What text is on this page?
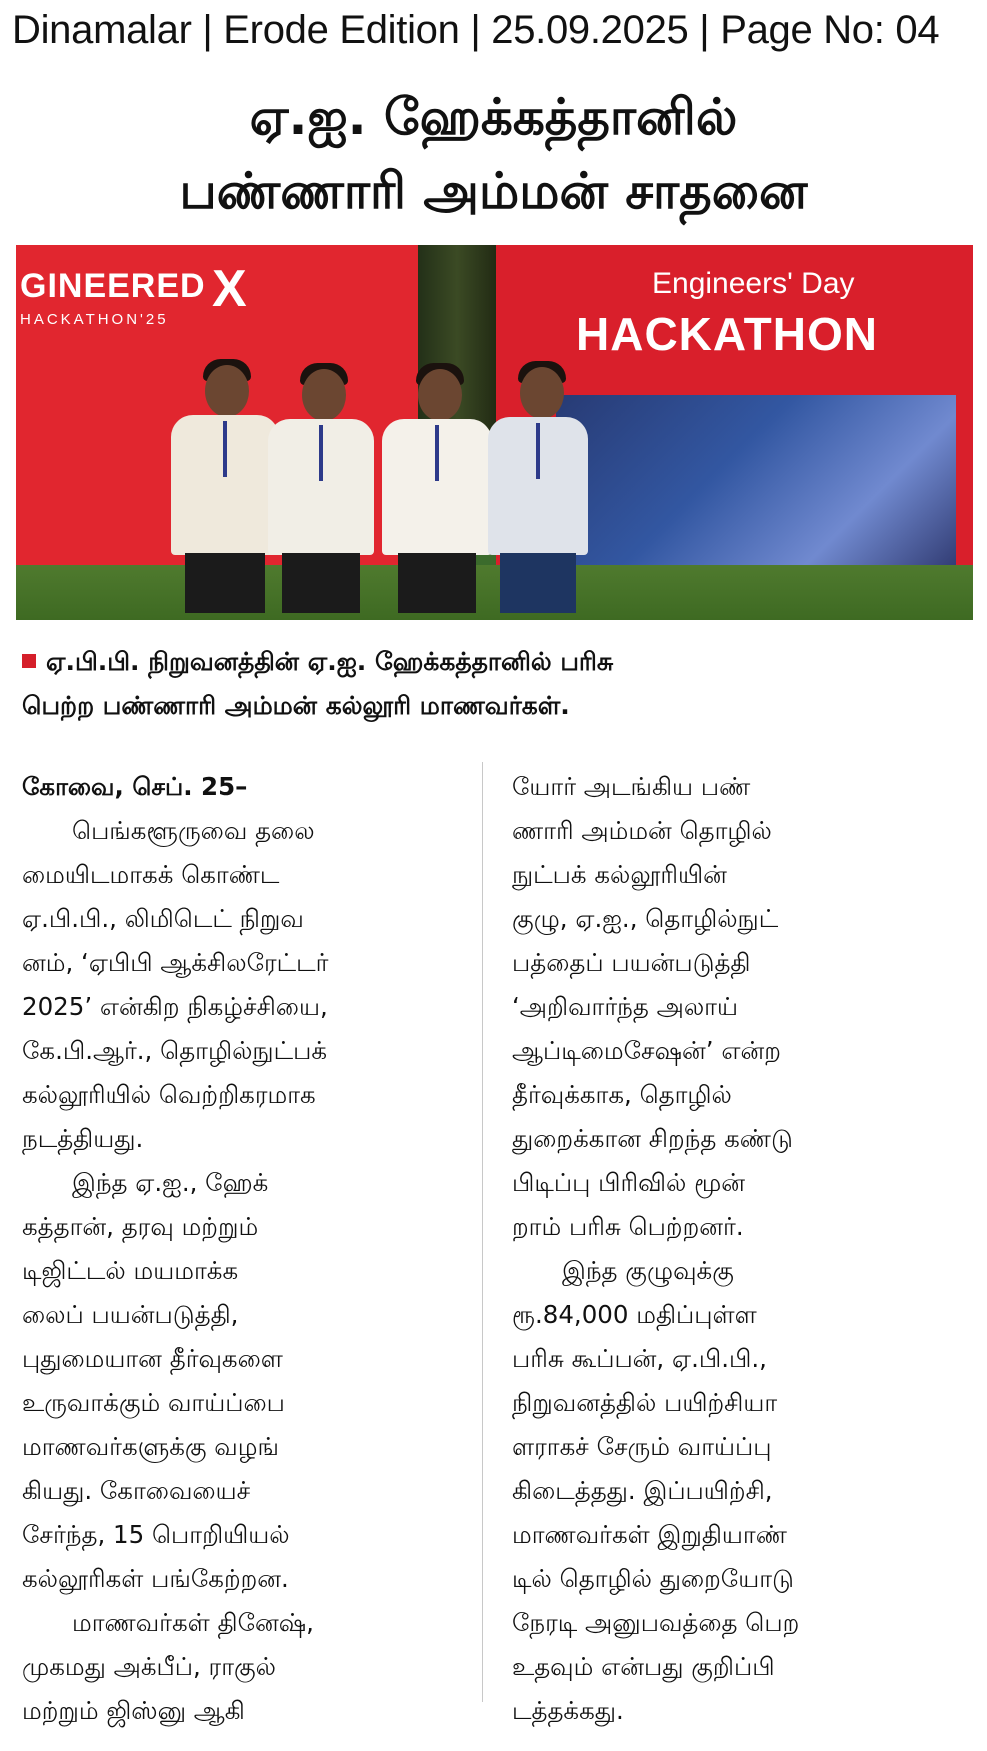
Dinamalar | Erode Edition | 25.09.2025 | Page No: 04
ஏ.ஐ. ஹேக்கத்தானில்
பண்ணாரி அம்மன் சாதனை
GINEERED X
HACKATHON'25
Engineers' Day
HACKATHON
ஏ.பி.பி. நிறுவனத்தின் ஏ.ஐ. ஹேக்கத்தானில் பரிசு
பெற்ற பண்ணாரி அம்மன் கல்லூரி மாணவர்கள்.

கோவை, செப். 25–

பெங்களூருவை தலை

மையிடமாகக் கொண்ட

ஏ.பி.பி., லிமிடெட் நிறுவ

னம், ‘ஏபிபி ஆக்சிலரேட்டர்

2025’ என்கிற நிகழ்ச்சியை,

கே.பி.ஆர்., தொழில்நுட்பக்

கல்லூரியில் வெற்றிகரமாக

நடத்தியது.

இந்த ஏ.ஐ., ஹேக்

கத்தான், தரவு மற்றும்

டிஜிட்டல் மயமாக்க

லைப் பயன்படுத்தி,

புதுமையான தீர்வுகளை

உருவாக்கும் வாய்ப்பை

மாணவர்களுக்கு வழங்

கியது. கோவையைச்

சேர்ந்த, 15 பொறியியல்

கல்லூரிகள் பங்கேற்றன.

மாணவர்கள் தினேஷ்,

முகமது அக்பீப், ராகுல்

மற்றும் ஜிஸ்னு ஆகி

யோர் அடங்கிய பண்

ணாரி அம்மன் தொழில்

நுட்பக் கல்லூரியின்

குழு, ஏ.ஐ., தொழில்நுட்

பத்தைப் பயன்படுத்தி

‘அறிவார்ந்த அலாய்

ஆப்டிமைசேஷன்’ என்ற

தீர்வுக்காக, தொழில்

துறைக்கான சிறந்த கண்டு

பிடிப்பு பிரிவில் மூன்

றாம் பரிசு பெற்றனர்.

இந்த குழுவுக்கு

ரூ.84,000 மதிப்புள்ள

பரிசு கூப்பன், ஏ.பி.பி.,

நிறுவனத்தில் பயிற்சியா

ளராகச் சேரும் வாய்ப்பு

கிடைத்தது. இப்பயிற்சி,

மாணவர்கள் இறுதியாண்

டில் தொழில் துறையோடு

நேரடி அனுபவத்தை பெற

உதவும் என்பது குறிப்பி

டத்தக்கது.
